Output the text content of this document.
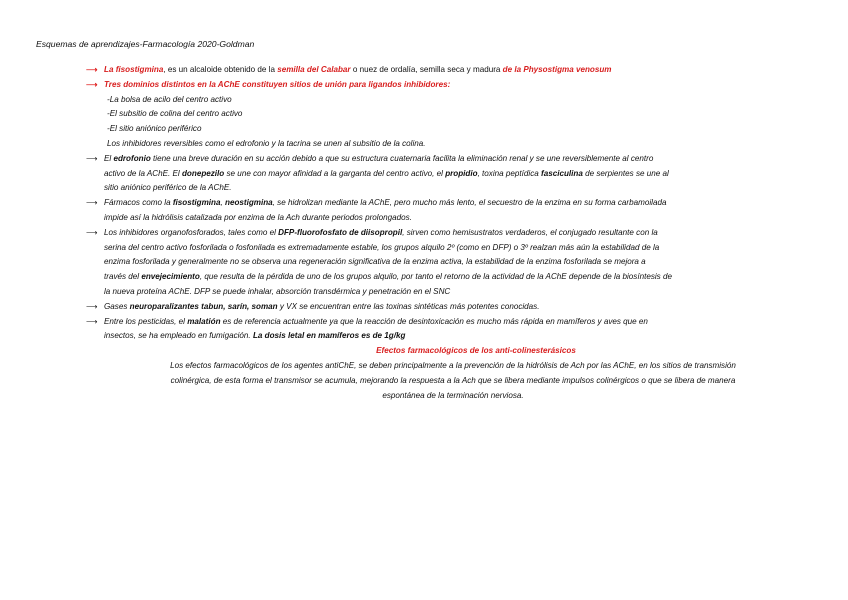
Esquemas de aprendizajes-Farmacología 2020-Goldman
⟶ La fisostigmina, es un alcaloide obtenido de la semilla del Calabar o nuez de ordalía, semilla seca y madura de la Physostigma venosum
⟶ Tres dominios distintos en la AChE constituyen sitios de unión para ligandos inhibidores:
-La bolsa de acilo del centro activo
-El subsitio de colina del centro activo
-El sitio aniónico periférico
Los inhibidores reversibles como el edrofonio y la tacrina se unen al subsitio de la colina.
⟶ El edrofonio tiene una breve duración en su acción debido a que su estructura cuaternaria facilita la eliminación renal y se une reversiblemente al centro
activo de la AChE. El donepezilo se une con mayor afinidad a la garganta del centro activo, el propidio, toxina peptídica fasciculina de serpientes se une al
sitio aniónico periférico de la AChE.
⟶ Fármacos como la fisostigmina, neostigmina, se hidrolizan mediante la AChE, pero mucho más lento, el secuestro de la enzima en su forma carbamoilada
impide así la hidrólisis catalizada por enzima de la Ach durante periodos prolongados.
⟶ Los inhibidores organofosforados, tales como el DFP-fluorofosfato de diisopropil, sirven como hemisustratos verdaderos, el conjugado resultante con la
serina del centro activo fosforilada o fosfonilada es extremadamente estable, los grupos alquilo 2º (como en DFP) o 3º realzan más aún la estabilidad de la
enzima fosforilada y generalmente no se observa una regeneración significativa de la enzima activa, la estabilidad de la enzima fosforilada se mejora a
través del envejecimiento, que resulta de la pérdida de uno de los grupos alquilo, por tanto el retorno de la actividad de la AChE depende de la biosíntesis de
la nueva proteína AChE. DFP se puede inhalar, absorción transdérmica y penetración en el SNC
⟶ Gases neuroparalizantes tabun, sarín, soman y VX se encuentran entre las toxinas sintéticas más potentes conocidas.
⟶ Entre los pesticidas, el malatión es de referencia actualmente ya que la reacción de desintoxicación es mucho más rápida en mamíferos y aves que en
insectos, se ha empleado en fumigación. La dosis letal en mamíferos es de 1g/kg
Efectos farmacológicos de los anti-colinesterásicos
Los efectos farmacológicos de los agentes antiChE, se deben principalmente a la prevención de la hidrólisis de Ach por las AChE, en los sitios de transmisión
colinérgica, de esta forma el transmisor se acumula, mejorando la respuesta a la Ach que se libera mediante impulsos colinérgicos o que se libera de manera
espontánea de la terminación nerviosa.
